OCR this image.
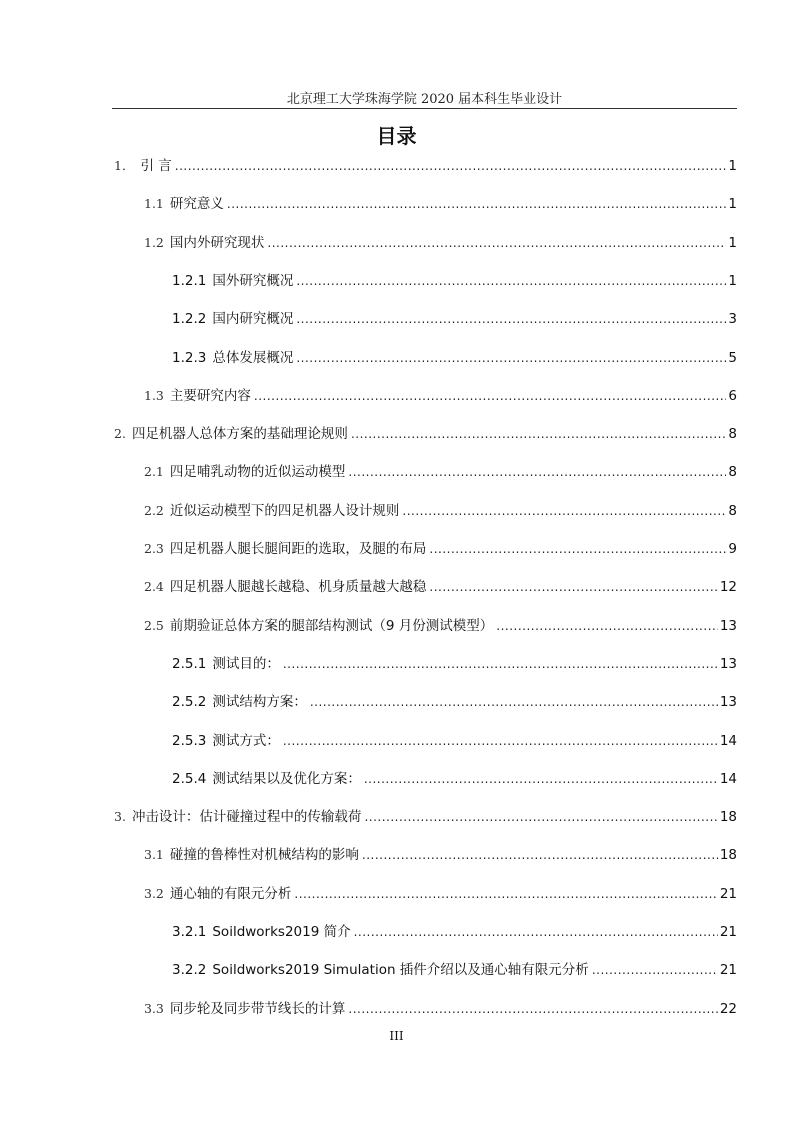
北京理工大学珠海学院 2020 届本科生毕业设计
目录
1． 引 言 .....	1
1.1 研究意义 .....	1
1.2 国内外研究现状 .....	1
1.2.1 国外研究概况 .....	1
1.2.2 国内研究概况 .....	3
1.2.3 总体发展概况 .....	5
1.3 主要研究内容 .....	6
2. 四足机器人总体方案的基础理论规则 .....	8
2.1 四足哺乳动物的近似运动模型 .....	8
2.2 近似运动模型下的四足机器人设计规则 .....	8
2.3 四足机器人腿长腿间距的选取，及腿的布局 .....	9
2.4 四足机器人腿越长越稳、机身质量越大越稳 .....	12
2.5 前期验证总体方案的腿部结构测试（9 月份测试模型） .....	13
2.5.1 测试目的： .....	13
2.5.2 测试结构方案： .....	13
2.5.3 测试方式： .....	14
2.5.4 测试结果以及优化方案： .....	14
3. 冲击设计：估计碰撞过程中的传输载荷 .....	18
3.1 碰撞的鲁棒性对机械结构的影响 .....	18
3.2 通心轴的有限元分析 .....	21
3.2.1 Soildworks2019 简介 .....	21
3.2.2 Soildworks2019 Simulation 插件介绍以及通心轴有限元分析 .....	21
3.3 同步轮及同步带节线长的计算 .....	22
III
